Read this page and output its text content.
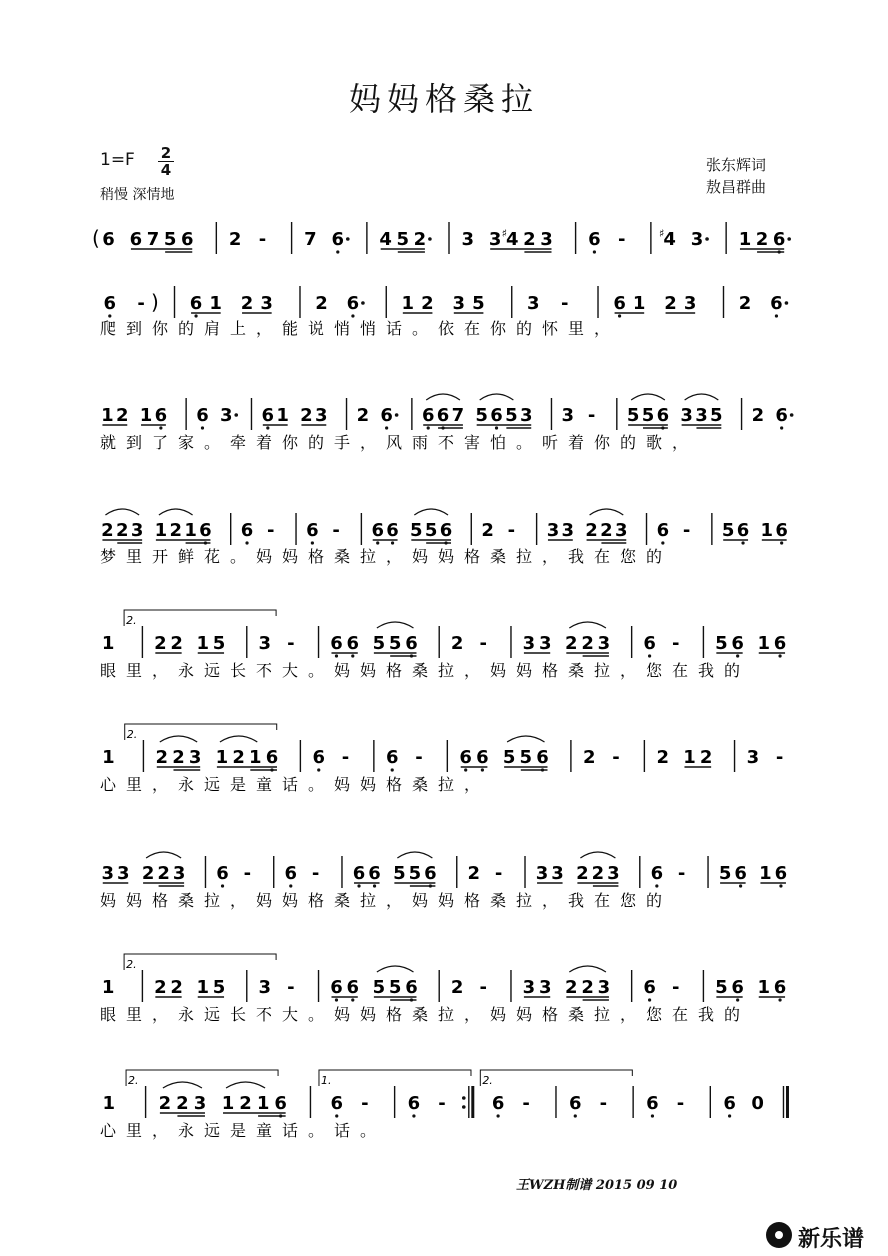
妈妈格桑拉
1=F 2
4
稍慢 深情地
张东辉词
敖昌群曲
( 6 6 7 5 6 2 - 7 6 4 5 2 3 3 4
♯ 2 3 6 - 4
♯ 3 1 2 6
6 - ) 6 1 2 3 2 6 1 2 3 5 3 - 6 1 2 3 2 6
爬到你的肩上，能说悄悄话。依在你的怀里，
1 2 1 6 6 3 6 1 2 3 2 6 6 6 7 5 6 5 3 3 - 5 5 6 3 3 5 2 6
就到了家。牵着你的手，风雨不害怕。听着你的歌，
2 2 3 1 2 1 6 6 - 6 - 6 6 5 5 6 2 - 3 3 2 2 3 6 - 5 6 1 6
梦里开鲜花。妈妈格桑拉，妈妈格桑拉，我在您的
1
2.
2 2 1 5 3 - 6 6 5 5 6 2 - 3 3 2 2 3 6 - 5 6 1 6
眼里，永远长不大。妈妈格桑拉，妈妈格桑拉，您在我的
1
2.
2 2 3 1 2 1 6 6 - 6 - 6 6 5 5 6 2 - 2 1 2 3 -
心里，永远是童话。妈妈格桑拉，
3 3 2 2 3 6 - 6 - 6 6 5 5 6 2 - 3 3 2 2 3 6 - 5 6 1 6
妈妈格桑拉，妈妈格桑拉，妈妈格桑拉，我在您的
1
2.
2 2 1 5 3 - 6 6 5 5 6 2 - 3 3 2 2 3 6 - 5 6 1 6
眼里，永远长不大。妈妈格桑拉，妈妈格桑拉，您在我的
1
2.
2 2 3 1 2 1 6
1.
6 - 6 -
2.
6 - 6 - 6 - 6 0
心里，永远是童话。话。
王WZH制谱 2015 09 10
新乐谱
